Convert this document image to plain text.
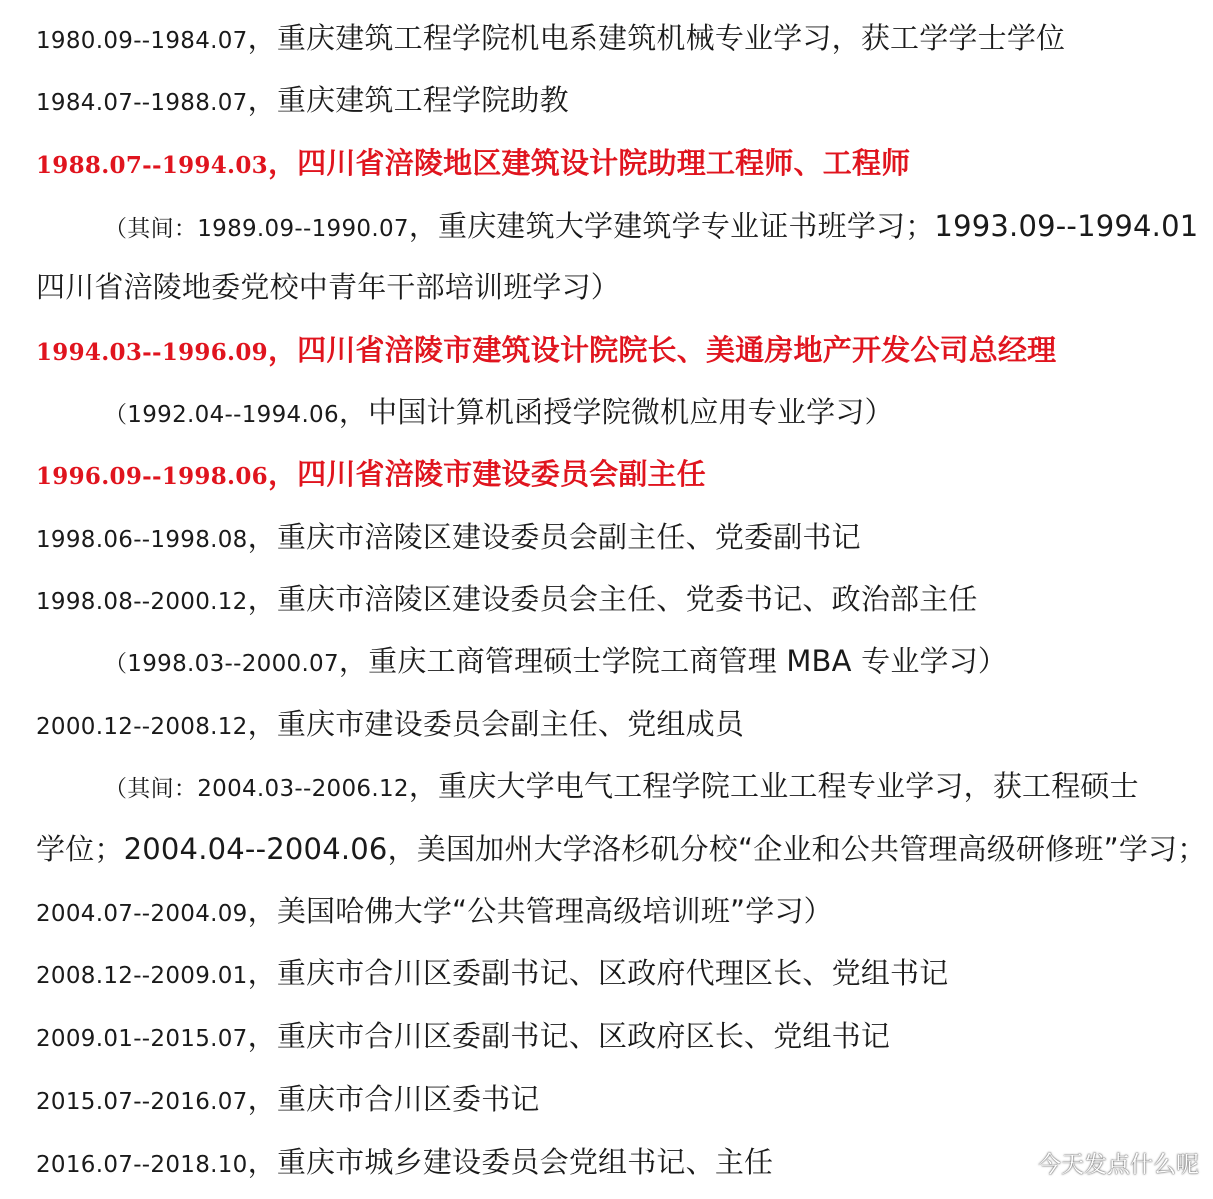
1980.09--1984.07，重庆建筑工程学院机电系建筑机械专业学习，获工学学士学位
1984.07--1988.07，重庆建筑工程学院助教
1988.07--1994.03，四川省涪陵地区建筑设计院助理工程师、工程师
（其间：1989.09--1990.07，重庆建筑大学建筑学专业证书班学习；1993.09--1994.01
四川省涪陵地委党校中青年干部培训班学习）
1994.03--1996.09，四川省涪陵市建筑设计院院长、美通房地产开发公司总经理
（1992.04--1994.06，中国计算机函授学院微机应用专业学习）
1996.09--1998.06，四川省涪陵市建设委员会副主任
1998.06--1998.08，重庆市涪陵区建设委员会副主任、党委副书记
1998.08--2000.12，重庆市涪陵区建设委员会主任、党委书记、政治部主任
（1998.03--2000.07，重庆工商管理硕士学院工商管理 MBA 专业学习）
2000.12--2008.12，重庆市建设委员会副主任、党组成员
（其间：2004.03--2006.12，重庆大学电气工程学院工业工程专业学习，获工程硕士
学位；2004.04--2004.06，美国加州大学洛杉矶分校“企业和公共管理高级研修班”学习；
2004.07--2004.09，美国哈佛大学“公共管理高级培训班”学习）
2008.12--2009.01，重庆市合川区委副书记、区政府代理区长、党组书记
2009.01--2015.07，重庆市合川区委副书记、区政府区长、党组书记
2015.07--2016.07，重庆市合川区委书记
2016.07--2018.10，重庆市城乡建设委员会党组书记、主任	今天发点什么呢
